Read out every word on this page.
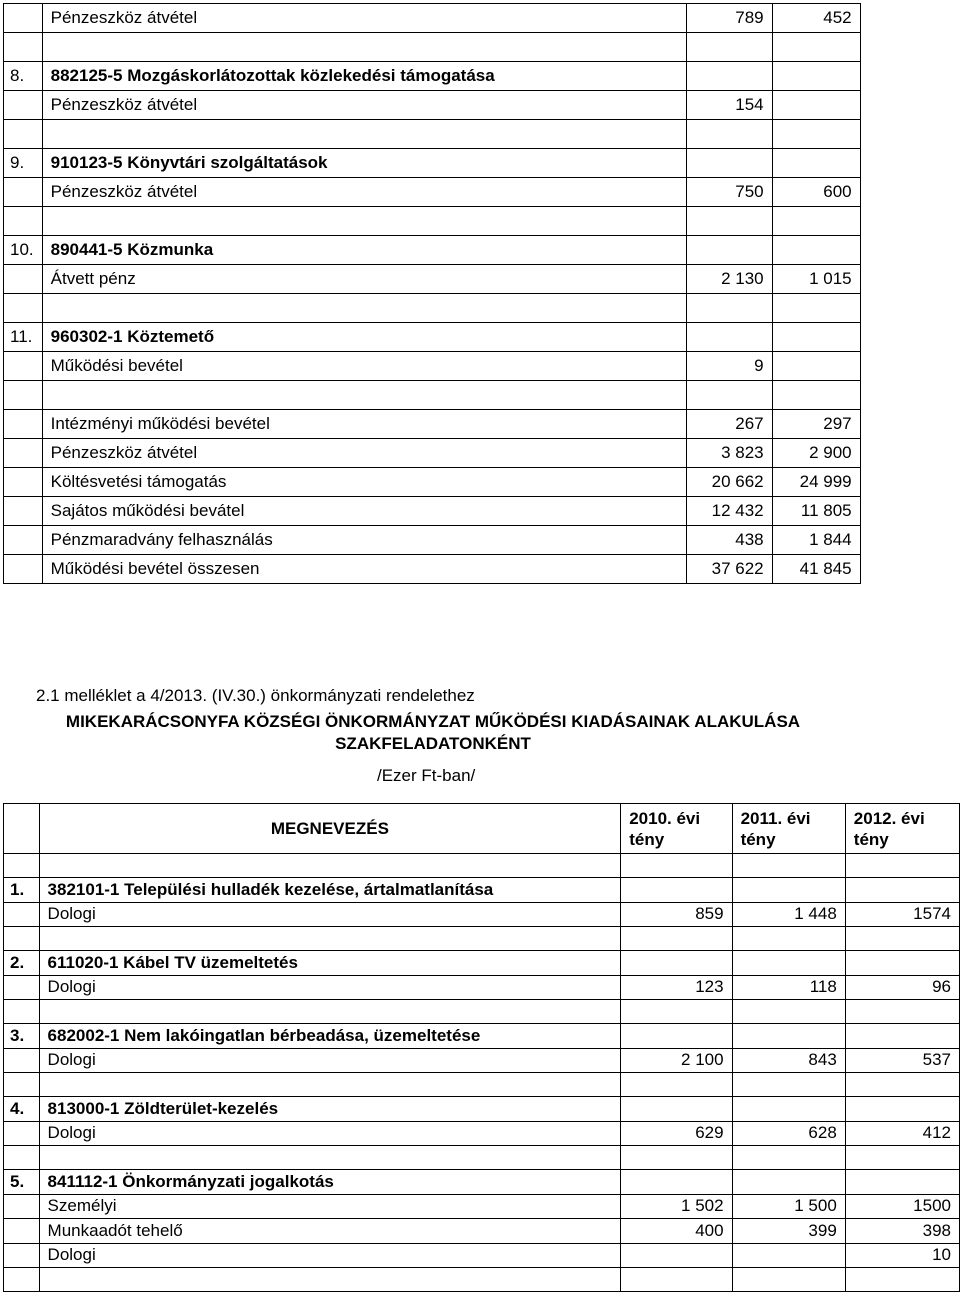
	Pénzeszköz átvétel	789	452

8.	882125-5 Mozgáskorlátozottak közlekedési támogatása		
	Pénzeszköz átvétel	154	

9.	910123-5 Könyvtári szolgáltatások		
	Pénzeszköz átvétel	750	600

10.	890441-5 Közmunka		
	Átvett pénz	2 130	1 015

11.	960302-1 Köztemető		
	Működési bevétel	9	

	Intézményi működési bevétel	267	297
	Pénzeszköz átvétel	3 823	2 900
	Költésvetési támogatás	20 662	24 999
	Sajátos működési bevátel	12 432	11 805
	Pénzmaradvány felhasználás	438	1 844
	Működési bevétel összesen	37 622	41 845
2.1 melléklet a 4/2013. (IV.30.) önkormányzati rendelethez
MIKEKARÁCSONYFA KÖZSÉGI ÖNKORMÁNYZAT MŰKÖDÉSI KIADÁSAINAK ALAKULÁSA
SZAKFELADATONKÉNT
/Ezer Ft-ban/
	MEGNEVEZÉS	2010. évi tény	2011. évi tény	2012. évi tény

1.	382101-1 Települési hulladék kezelése, ártalmatlanítása			
	Dologi	859	1 448	1574

2.	611020-1 Kábel TV üzemeltetés			
	Dologi	123	118	96

3.	682002-1 Nem lakóingatlan bérbeadása, üzemeltetése			
	Dologi	2 100	843	537

4.	813000-1 Zöldterület-kezelés			
	Dologi	629	628	412

5.	841112-1 Önkormányzati jogalkotás			
	Személyi	1 502	1 500	1500
	Munkaadót tehelő	400	399	398
	Dologi			10
